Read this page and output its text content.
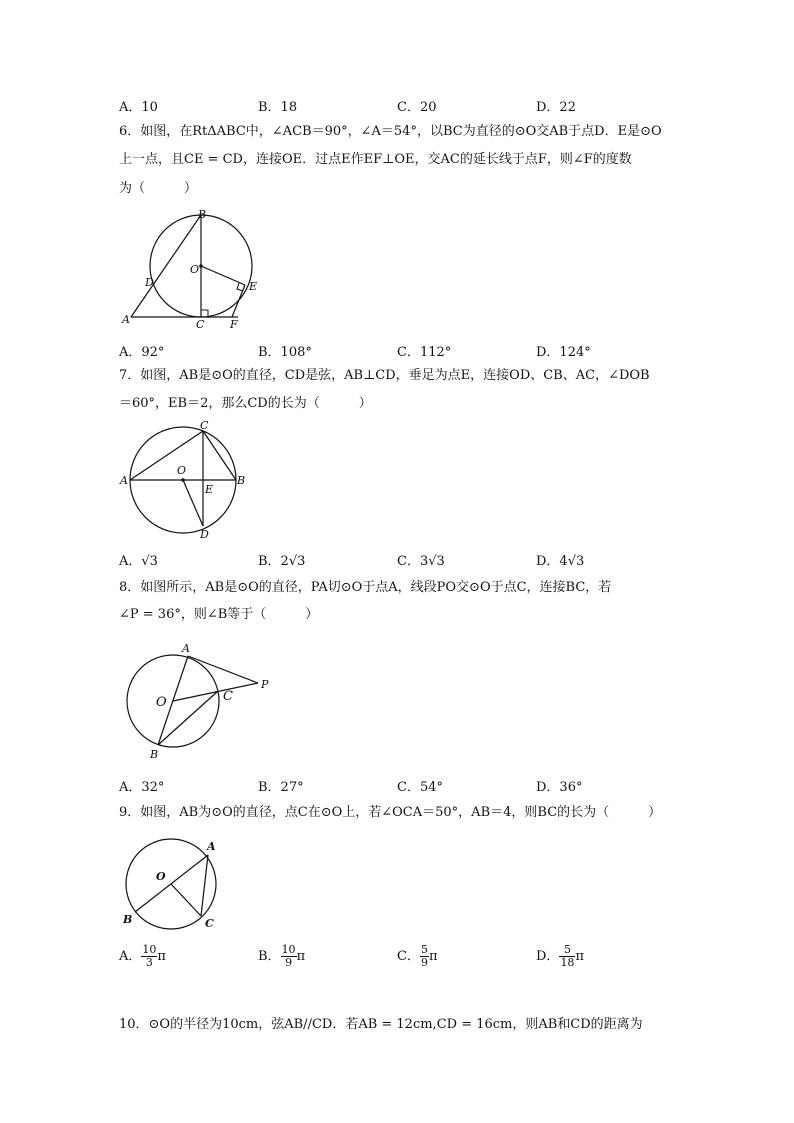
A．10	B．18	C．20	D．22
6．如图，在RtΔABC中，∠ACB＝90°，∠A＝54°，以BC为直径的⊙O交AB于点D．E是⊙O
上一点，且CE = CD，连接OE．过点E作EF⊥OE，交AC的延长线于点F，则∠F的度数
为（　　　）
B
O
D	E
A	C F
A．92°	B．108°	C．112°	D．124°
7．如图，AB是⊙O的直径，CD是弦，AB⊥CD，垂足为点E，连接OD、CB、AC，∠DOB
＝60°，EB＝2，那么CD的长为（　　　）
C
A
O
E
B
D
A．√3	B．2√3	C．3√3	D．4√3
8．如图所示，AB是⊙O的直径，PA切⊙O于点A，线段PO交⊙O于点C，连接BC，若
∠P = 36°，则∠B等于（　　　）
A
P
O	C
B
A．32°	B．27°	C．54°	D．36°
9．如图，AB为⊙O的直径，点C在⊙O上，若∠OCA＝50°，AB＝4，则BC的长为（　　　）
A
O
B	C
A． $\frac{10}{3}$ π	B． $\frac{10}{9}$ π	C． $\frac{5}{9}$ π	D． $\frac{5}{18}$ π
10．⊙O的半径为10cm，弦AB//CD．若AB = 12cm,CD = 16cm，则AB和CD的距离为
